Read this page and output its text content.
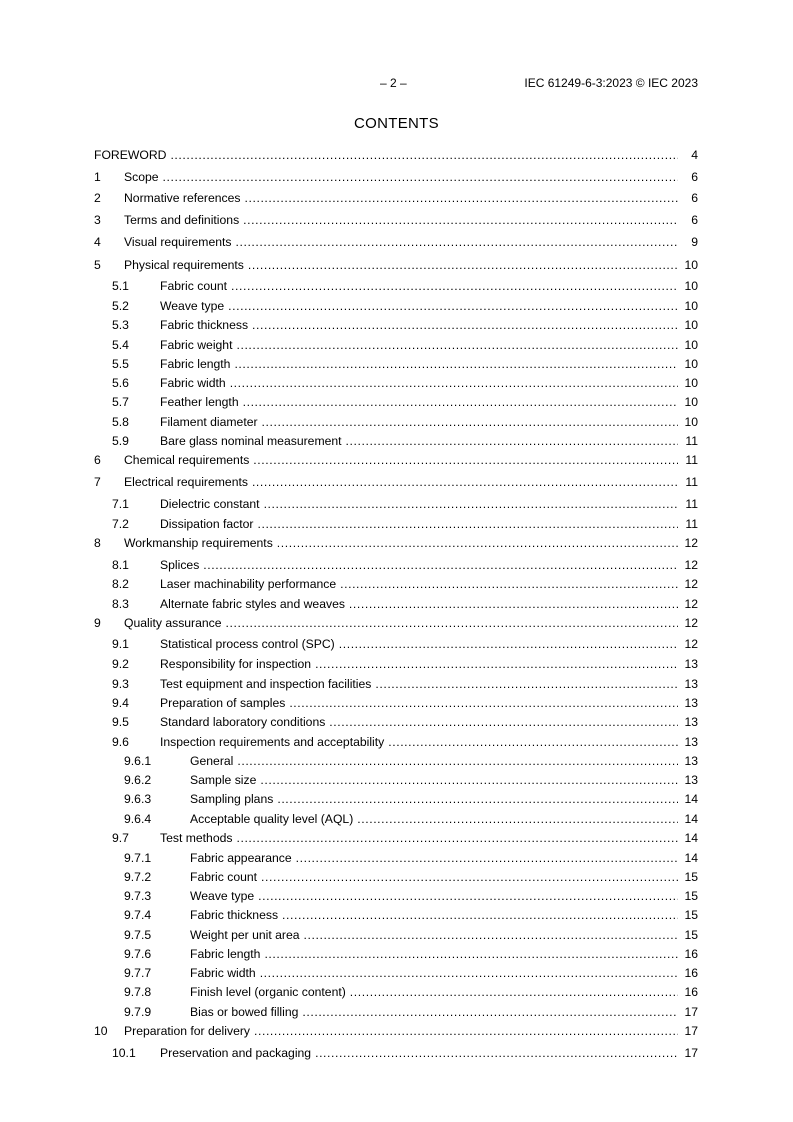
– 2 –	IEC 61249-6-3:2023 © IEC 2023
CONTENTS
FOREWORD .....	4
1 Scope .....	6
2 Normative references .....	6
3 Terms and definitions .....	6
4 Visual requirements .....	9
5 Physical requirements .....	10
5.1	Fabric count .....	10
5.2	Weave type .....	10
5.3	Fabric thickness .....	10
5.4	Fabric weight .....	10
5.5	Fabric length .....	10
5.6	Fabric width .....	10
5.7	Feather length .....	10
5.8	Filament diameter .....	10
5.9	Bare glass nominal measurement .....	11
6 Chemical requirements .....	11
7 Electrical requirements .....	11
7.1	Dielectric constant .....	11
7.2	Dissipation factor .....	11
8 Workmanship requirements .....	12
8.1	Splices .....	12
8.2	Laser machinability performance .....	12
8.3	Alternate fabric styles and weaves .....	12
9 Quality assurance .....	12
9.1	Statistical process control (SPC) .....	12
9.2	Responsibility for inspection .....	13
9.3	Test equipment and inspection facilities .....	13
9.4	Preparation of samples .....	13
9.5	Standard laboratory conditions .....	13
9.6	Inspection requirements and acceptability .....	13
9.6.1	General .....	13
9.6.2	Sample size .....	13
9.6.3	Sampling plans .....	14
9.6.4	Acceptable quality level (AQL) .....	14
9.7	Test methods .....	14
9.7.1	Fabric appearance .....	14
9.7.2	Fabric count .....	15
9.7.3	Weave type .....	15
9.7.4	Fabric thickness .....	15
9.7.5	Weight per unit area .....	15
9.7.6	Fabric length .....	16
9.7.7	Fabric width .....	16
9.7.8	Finish level (organic content) .....	16
9.7.9	Bias or bowed filling .....	17
10 Preparation for delivery .....	17
10.1 Preservation and packaging .....	17
